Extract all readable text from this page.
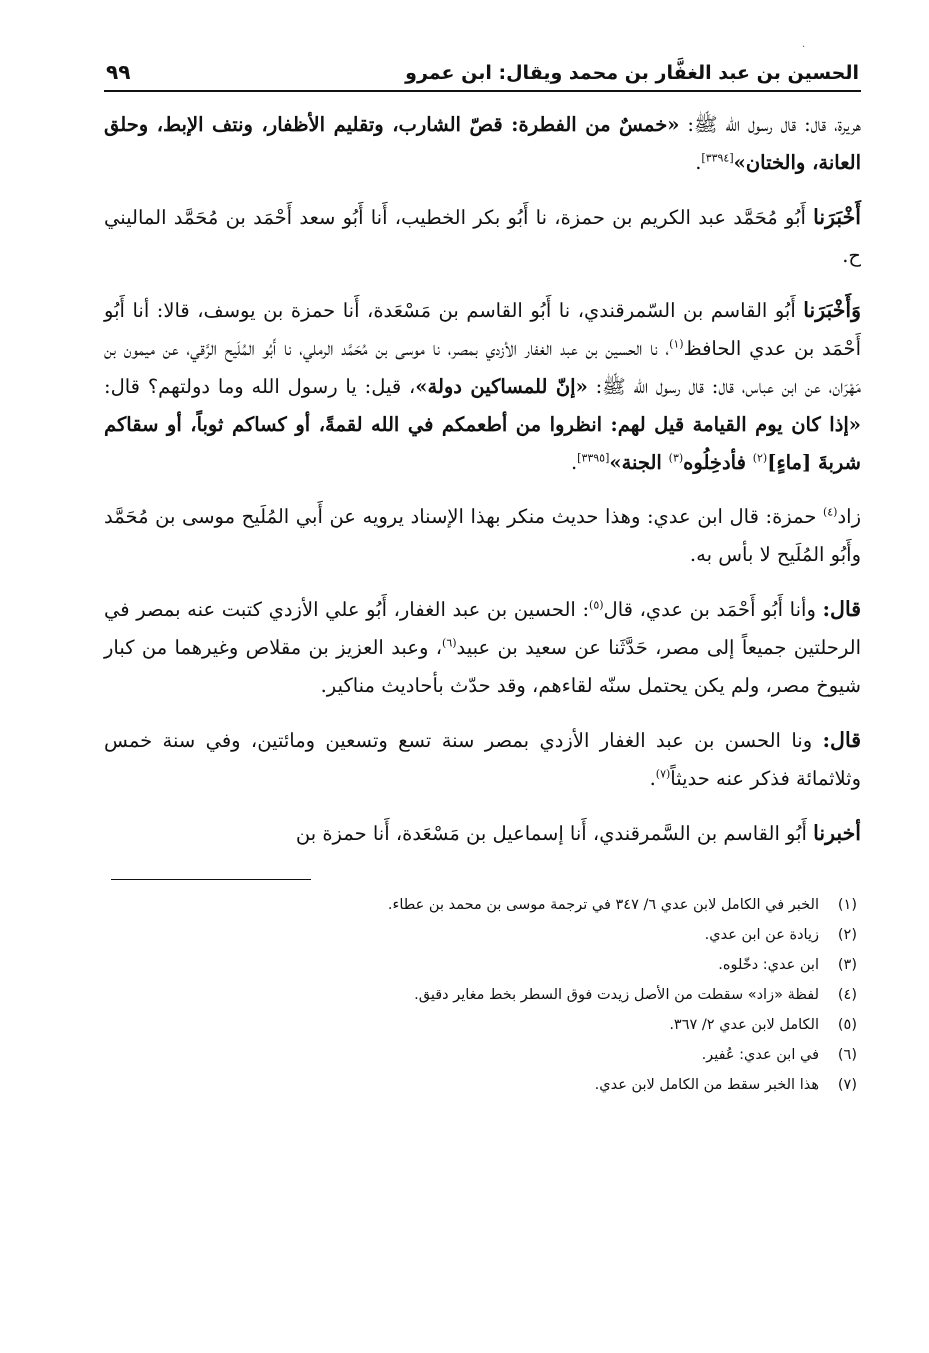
·
الحسين بن عبد الغفَّار بن محمد ويقال: ابن عمرو
٩٩

هريرة، قال: قال رسول الله ﷺ: «خمسٌ من الفطرة: قصّ الشارب، وتقليم الأظفار، ونتف الإبط، وحلق العانة، والختان»[٣٣٩٤].

أَخْبَرَنا أَبُو مُحَمَّد عبد الكريم بن حمزة، نا أَبُو بكر الخطيب، أَنا أَبُو سعد أَحْمَد بن مُحَمَّد الماليني ح.

وَأَخْبَرَنا أَبُو القاسم بن السّمرقندي، نا أَبُو القاسم بن مَسْعَدة، أَنا حمزة بن يوسف، قالا: أنا أَبُو أَحْمَد بن عدي الحافظ$^{(١)}$، نا الحسين بن عبد الغفار الأزدي بمصر، نا موسى بن مُحَمَّد الرملي، نا أَبُو المُلَيح الرَّقي، عن ميمون بن مَهْرَان، عن ابن عباس، قال: قال رسول الله ﷺ: «إنّ للمساكين دولة»، قيل: يا رسول الله وما دولتهم؟ قال: «إذا كان يوم القيامة قيل لهم: انظروا من أطعمكم في الله لقمةً، أو كساكم ثوباً، أو سقاكم شربةَ [ماءٍ]$^{(٢)}$ فأدخِلُوه$^{(٣)}$ الجنة»[٣٣٩٥].

زاد$^{(٤)}$ حمزة: قال ابن عدي: وهذا حديث منكر بهذا الإسناد يرويه عن أَبي المُلَيح موسى بن مُحَمَّد وأَبُو المُلَيح لا بأس به.

قال: وأنا أَبُو أَحْمَد بن عدي، قال$^{(٥)}$: الحسين بن عبد الغفار، أَبُو علي الأزدي كتبت عنه بمصر في الرحلتين جميعاً إلى مصر، حَدَّثَنا عن سعيد بن عبيد$^{(٦)}$، وعبد العزيز بن مقلاص وغيرهما من كبار شيوخ مصر، ولم يكن يحتمل سنّه لقاءهم، وقد حدّث بأحاديث مناكير.

قال: ونا الحسن بن عبد الغفار الأزدي بمصر سنة تسع وتسعين ومائتين، وفي سنة خمس وثلاثمائة فذكر عنه حديثاً$^{(٧)}$.

أخبرنا أَبُو القاسم بن السَّمرقندي، أَنا إسماعيل بن مَسْعَدة، أَنا حمزة بن

(١)
الخبر في الكامل لابن عدي ٦/ ٣٤٧ في ترجمة موسى بن محمد بن عطاء.
(٢)
زيادة عن ابن عدي.
(٣)
ابن عدي: دخّلوه.
(٤)
لفظة «زاد» سقطت من الأصل زيدت فوق السطر بخط مغاير دقيق.
(٥)
الكامل لابن عدي ٢/ ٣٦٧.
(٦)
في ابن عدي: عُفير.
(٧)
هذا الخبر سقط من الكامل لابن عدي.
